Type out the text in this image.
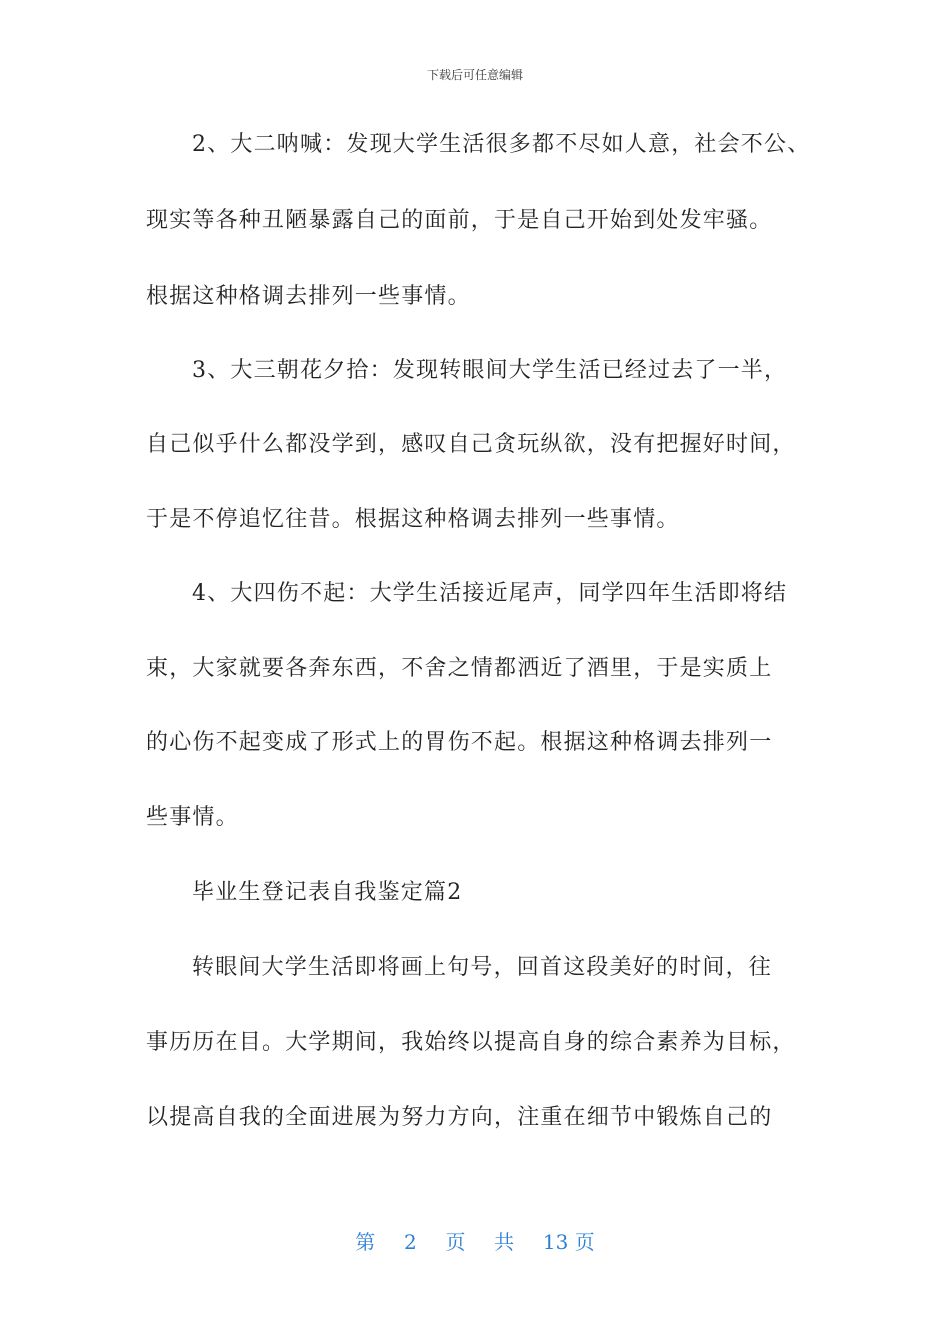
下载后可任意编辑
2、大二呐喊：发现大学生活很多都不尽如人意，社会不公、
现实等各种丑陋暴露自己的面前，于是自己开始到处发牢骚。
根据这种格调去排列一些事情。
3、大三朝花夕拾：发现转眼间大学生活已经过去了一半，
自己似乎什么都没学到，感叹自己贪玩纵欲，没有把握好时间，
于是不停追忆往昔。根据这种格调去排列一些事情。
4、大四伤不起：大学生活接近尾声，同学四年生活即将结
束，大家就要各奔东西，不舍之情都洒近了酒里，于是实质上
的心伤不起变成了形式上的胃伤不起。根据这种格调去排列一
些事情。
毕业生登记表自我鉴定篇2
转眼间大学生活即将画上句号，回首这段美好的时间，往
事历历在目。大学期间，我始终以提高自身的综合素养为目标，
以提高自我的全面进展为努力方向，注重在细节中锻炼自己的
第 2 页 共 13 页
